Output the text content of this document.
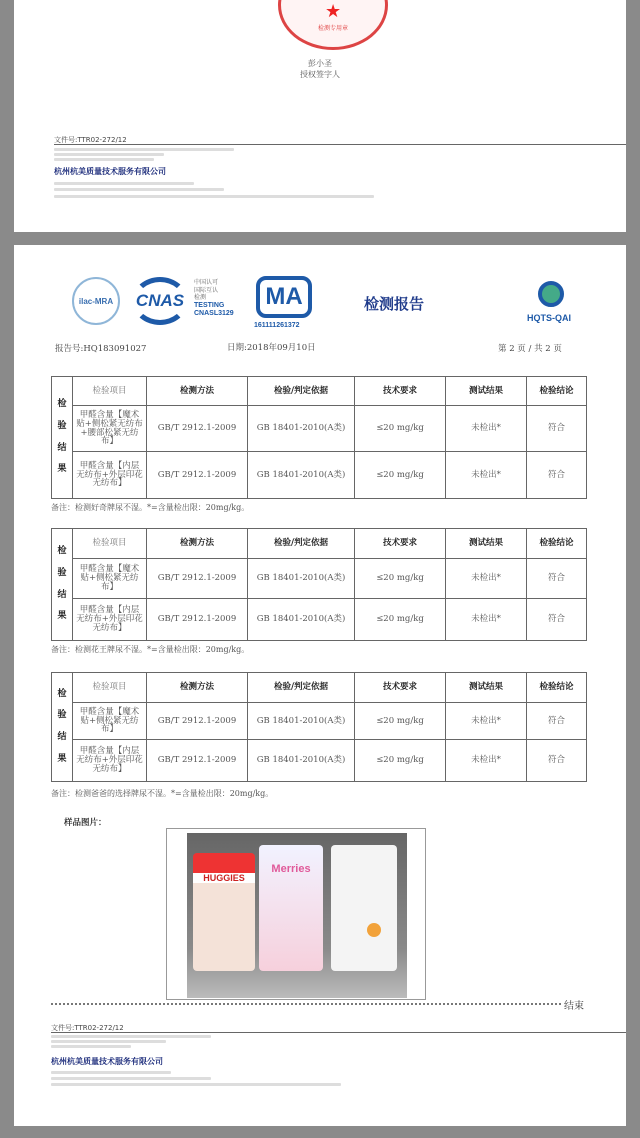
★
检测专用章
彭小圣
授权签字人
文件号:TTR02-272/12
杭州杭美质量技术服务有限公司
ilac-MRA	CNAS
中国认可
国际互认
检测
TESTING
CNASL3129
MA
161111261372
检测报告
HQTS-QAI
报告号:HQ183091027	日期:2018年09月10日	第 2 页 / 共 2 页
检
验
结
果	检验项目	检测方法	检验/判定依据	技术要求	测试结果	检验结论
	甲醛含量【魔术贴+侧松紧无纺布+腰部松紧无纺布】	GB/T 2912.1-2009	GB 18401-2010(A类)	≤20 mg/kg	未检出*	符合
	甲醛含量【内层无纺布+外层印花无纺布】	GB/T 2912.1-2009	GB 18401-2010(A类)	≤20 mg/kg	未检出*	符合
备注：检测好奇牌尿不湿。*=含量检出限：20mg/kg。
检
验
结
果	检验项目	检测方法	检验/判定依据	技术要求	测试结果	检验结论
	甲醛含量【魔术贴+侧松紧无纺布】	GB/T 2912.1-2009	GB 18401-2010(A类)	≤20 mg/kg	未检出*	符合
	甲醛含量【内层无纺布+外层印花无纺布】	GB/T 2912.1-2009	GB 18401-2010(A类)	≤20 mg/kg	未检出*	符合
备注：检测花王牌尿不湿。*=含量检出限：20mg/kg。
检
验
结
果	检验项目	检测方法	检验/判定依据	技术要求	测试结果	检验结论
	甲醛含量【魔术贴+侧松紧无纺布】	GB/T 2912.1-2009	GB 18401-2010(A类)	≤20 mg/kg	未检出*	符合
	甲醛含量【内层无纺布+外层印花无纺布】	GB/T 2912.1-2009	GB 18401-2010(A类)	≤20 mg/kg	未检出*	符合
备注：检测爸爸的选择牌尿不湿。*=含量检出限：20mg/kg。
样品图片：
HUGGIES
Merries
结束
文件号:TTR02-272/12
杭州杭美质量技术服务有限公司
